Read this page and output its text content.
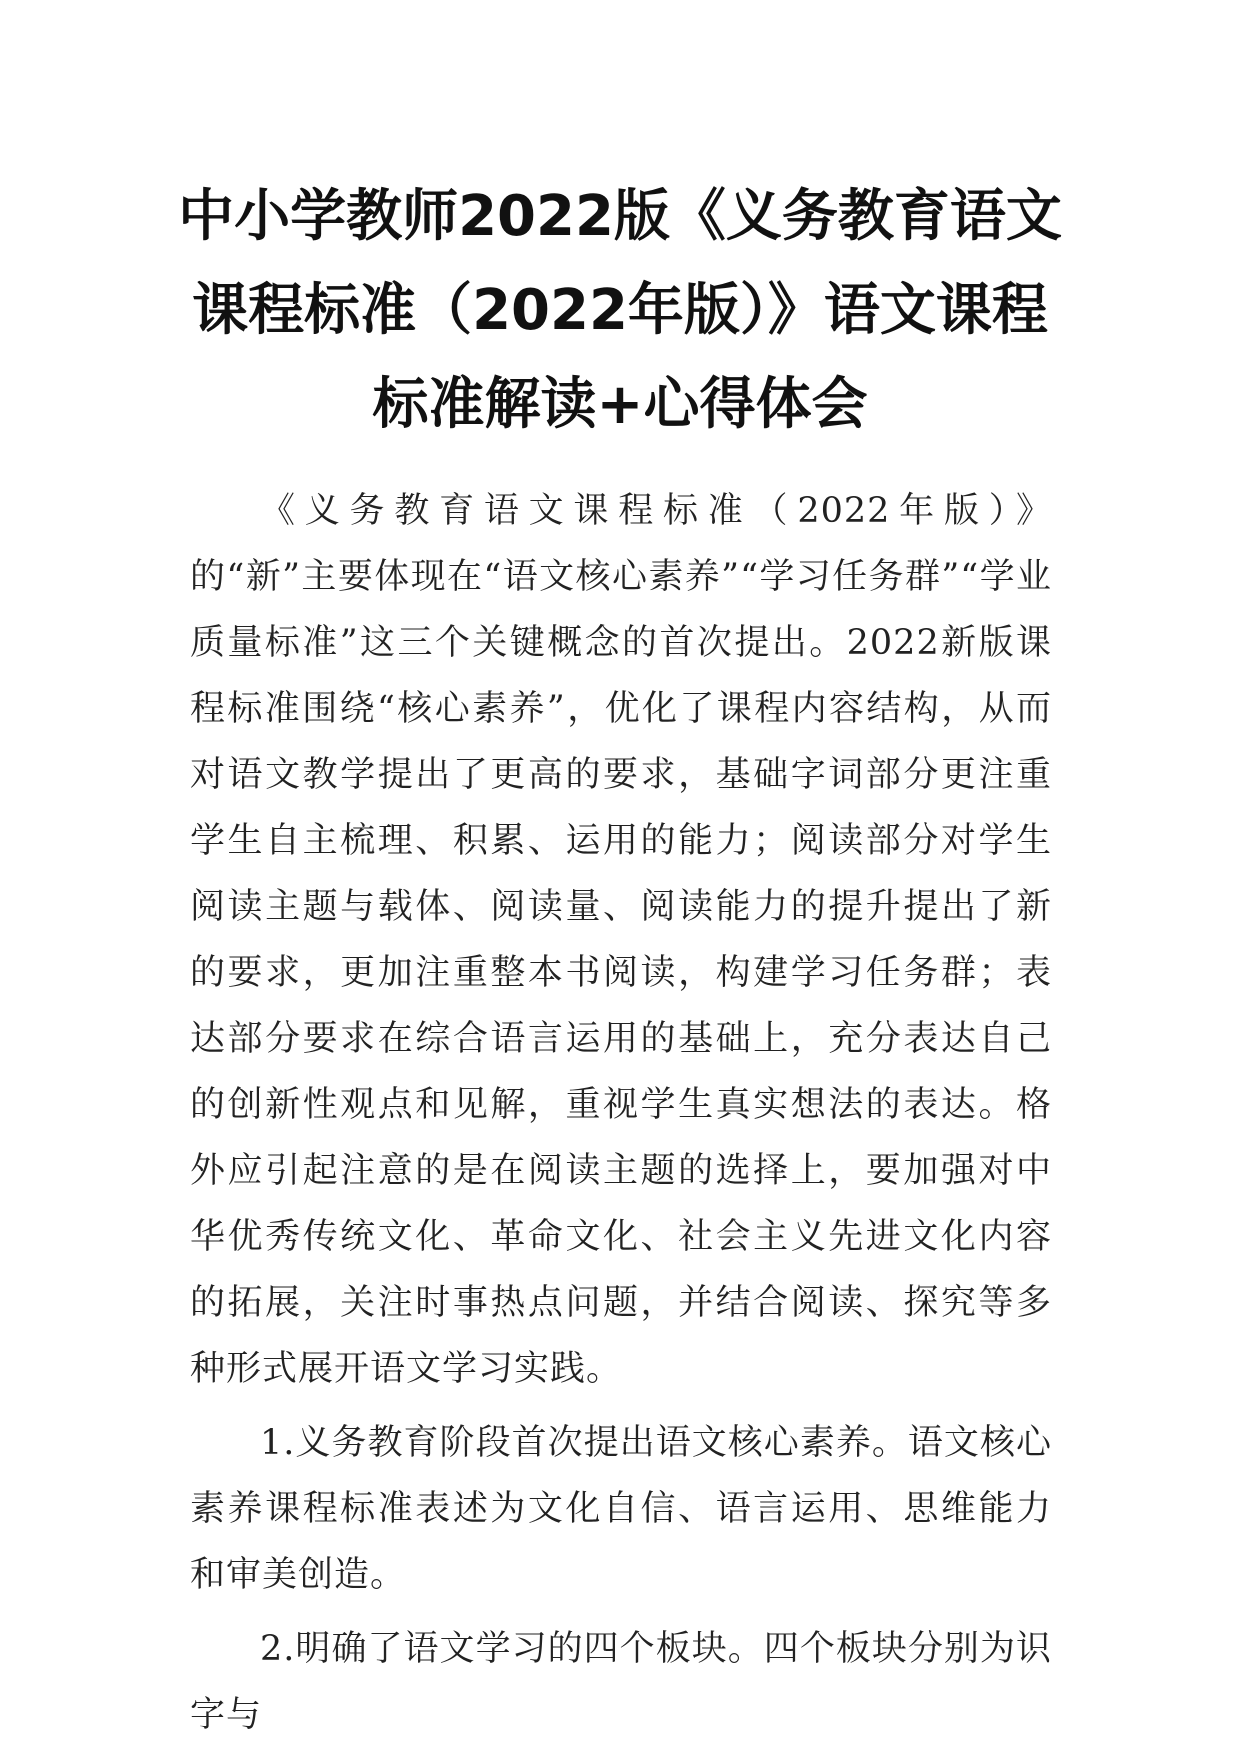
中小学教师2022版《义务教育语文
课程标准（2022年版）》语文课程
标准解读+心得体会

《义务教育语文课程标准（2022年版）》的“新”主要体现在“语文核心素养”“学习任务群”“学业质量标准”这三个关键概念的首次提出。2022新版课程标准围绕“核心素养”，优化了课程内容结构，从而对语文教学提出了更高的要求，基础字词部分更注重学生自主梳理、积累、运用的能力；阅读部分对学生阅读主题与载体、阅读量、阅读能力的提升提出了新的要求，更加注重整本书阅读，构建学习任务群；表达部分要求在综合语言运用的基础上，充分表达自己的创新性观点和见解，重视学生真实想法的表达。格外应引起注意的是在阅读主题的选择上，要加强对中华优秀传统文化、革命文化、社会主义先进文化内容的拓展，关注时事热点问题，并结合阅读、探究等多种形式展开语文学习实践。

1.义务教育阶段首次提出语文核心素养。语文核心素养课程标准表述为文化自信、语言运用、思维能力和审美创造。

2.明确了语文学习的四个板块。四个板块分别为识字与
